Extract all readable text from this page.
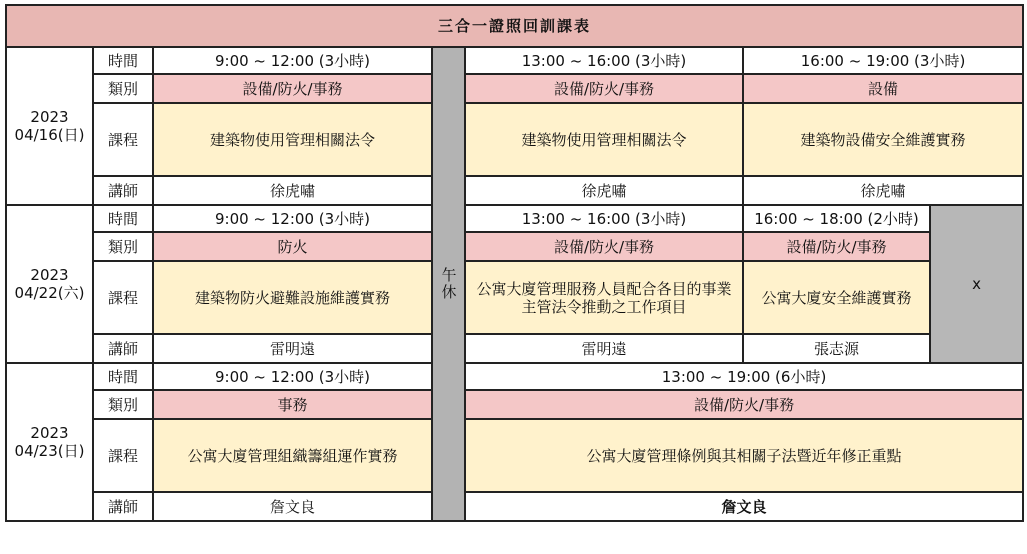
三合一證照回訓課表						

2023
04/16(日)	時間	9:00 ~ 12:00 (3小時)	午休	13:00 ~ 16:00 (3小時)	16:00 ~ 19:00 (3小時)	
	類別	設備/防火/事務		設備/防火/事務	設備	
	課程	建築物使用管理相關法令		建築物使用管理相關法令	建築物設備安全維護實務	
	講師	徐虎嘯		徐虎嘯	徐虎嘯	

2023
04/22(六)	時間	9:00 ~ 12:00 (3小時)		13:00 ~ 16:00 (3小時)	16:00 ~ 18:00 (2小時)	x
	類別	防火		設備/防火/事務	設備/防火/事務	
	課程	建築物防火避難設施維護實務		公寓大廈管理服務人員配合各目的事業主管法令推動之工作項目	公寓大廈安全維護實務	
	講師	雷明遠		雷明遠	張志源	

2023
04/23(日)	時間	9:00 ~ 12:00 (3小時)		13:00 ~ 19:00 (6小時)		
	類別	事務		設備/防火/事務		
	課程	公寓大廈管理組織籌組運作實務		公寓大廈管理條例與其相關子法暨近年修正重點		
	講師	詹文良		詹文良		
